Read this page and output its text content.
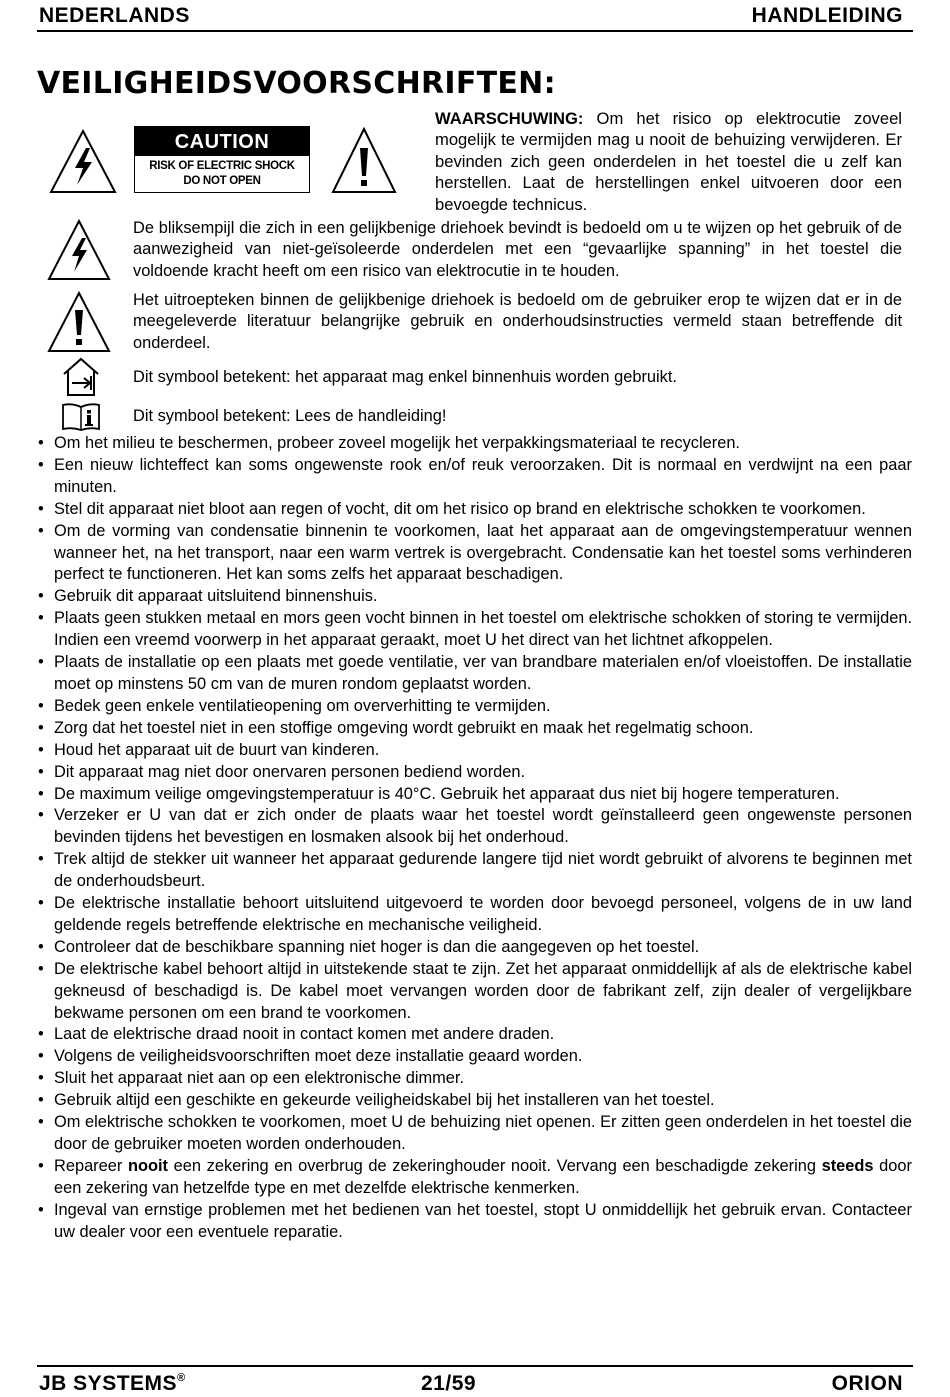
NEDERLANDS	HANDLEIDING
VEILIGHEIDSVOORSCHRIFTEN:
CAUTION
RISK OF ELECTRIC SHOCK
DO NOT OPEN
WAARSCHUWING: Om het risico op elektrocutie zoveel mogelijk te vermijden mag u nooit de behuizing verwijderen. Er bevinden zich geen onderdelen in het toestel die u zelf kan herstellen. Laat de herstellingen enkel uitvoeren door een bevoegde technicus.
De bliksempijl die zich in een gelijkbenige driehoek bevindt is bedoeld om u te wijzen op het gebruik of de aanwezigheid van niet-geïsoleerde onderdelen met een “gevaarlijke spanning” in het toestel die voldoende kracht heeft om een risico van elektrocutie in te houden.
Het uitroepteken binnen de gelijkbenige driehoek is bedoeld om de gebruiker erop te wijzen dat er in de meegeleverde literatuur belangrijke gebruik en onderhoudsinstructies vermeld staan betreffende dit onderdeel.
Dit symbool betekent: het apparaat mag enkel binnenhuis worden gebruikt.
Dit symbool betekent: Lees de handleiding!
• Om het milieu te beschermen, probeer zoveel mogelijk het verpakkingsmateriaal te recycleren.
• Een nieuw lichteffect kan soms ongewenste rook en/of reuk veroorzaken. Dit is normaal en verdwijnt na een paar minuten.
• Stel dit apparaat niet bloot aan regen of vocht, dit om het risico op brand en elektrische schokken te voorkomen.
• Om de vorming van condensatie binnenin te voorkomen, laat het apparaat aan de omgevingstemperatuur wennen wanneer het, na het transport, naar een warm vertrek is overgebracht. Condensatie kan het toestel soms verhinderen perfect te functioneren. Het kan soms zelfs het apparaat beschadigen.
• Gebruik dit apparaat uitsluitend binnenshuis.
• Plaats geen stukken metaal en mors geen vocht binnen in het toestel om elektrische schokken of storing te vermijden. Indien een vreemd voorwerp in het apparaat geraakt, moet U het direct van het lichtnet afkoppelen.
• Plaats de installatie op een plaats met goede ventilatie, ver van brandbare materialen en/of vloeistoffen. De installatie moet op minstens 50 cm van de muren rondom geplaatst worden.
• Bedek geen enkele ventilatieopening om oververhitting te vermijden.
• Zorg dat het toestel niet in een stoffige omgeving wordt gebruikt en maak het regelmatig schoon.
• Houd het apparaat uit de buurt van kinderen.
• Dit apparaat mag niet door onervaren personen bediend worden.
• De maximum veilige omgevingstemperatuur is 40°C. Gebruik het apparaat dus niet bij hogere temperaturen.
• Verzeker er U van dat er zich onder de plaats waar het toestel wordt geïnstalleerd geen ongewenste personen bevinden tijdens het bevestigen en losmaken alsook bij het onderhoud.
• Trek altijd de stekker uit wanneer het apparaat gedurende langere tijd niet wordt gebruikt of alvorens te beginnen met de onderhoudsbeurt.
• De elektrische installatie behoort uitsluitend uitgevoerd te worden door bevoegd personeel, volgens de in uw land geldende regels betreffende elektrische en mechanische veiligheid.
• Controleer dat de beschikbare spanning niet hoger is dan die aangegeven op het toestel.
• De elektrische kabel behoort altijd in uitstekende staat te zijn. Zet het apparaat onmiddellijk af als de elektrische kabel gekneusd of beschadigd is. De kabel moet vervangen worden door de fabrikant zelf, zijn dealer of vergelijkbare bekwame personen om een brand te voorkomen.
• Laat de elektrische draad nooit in contact komen met andere draden.
• Volgens de veiligheidsvoorschriften moet deze installatie geaard worden.
• Sluit het apparaat niet aan op een elektronische dimmer.
• Gebruik altijd een geschikte en gekeurde veiligheidskabel bij het installeren van het toestel.
• Om elektrische schokken te voorkomen, moet U de behuizing niet openen. Er zitten geen onderdelen in het toestel die door de gebruiker moeten worden onderhouden.
• Repareer nooit een zekering en overbrug de zekeringhouder nooit. Vervang een beschadigde zekering steeds door een zekering van hetzelfde type en met dezelfde elektrische kenmerken.
• Ingeval van ernstige problemen met het bedienen van het toestel, stopt U onmiddellijk het gebruik ervan. Contacteer uw dealer voor een eventuele reparatie.
JB SYSTEMS®	21/59	ORION
